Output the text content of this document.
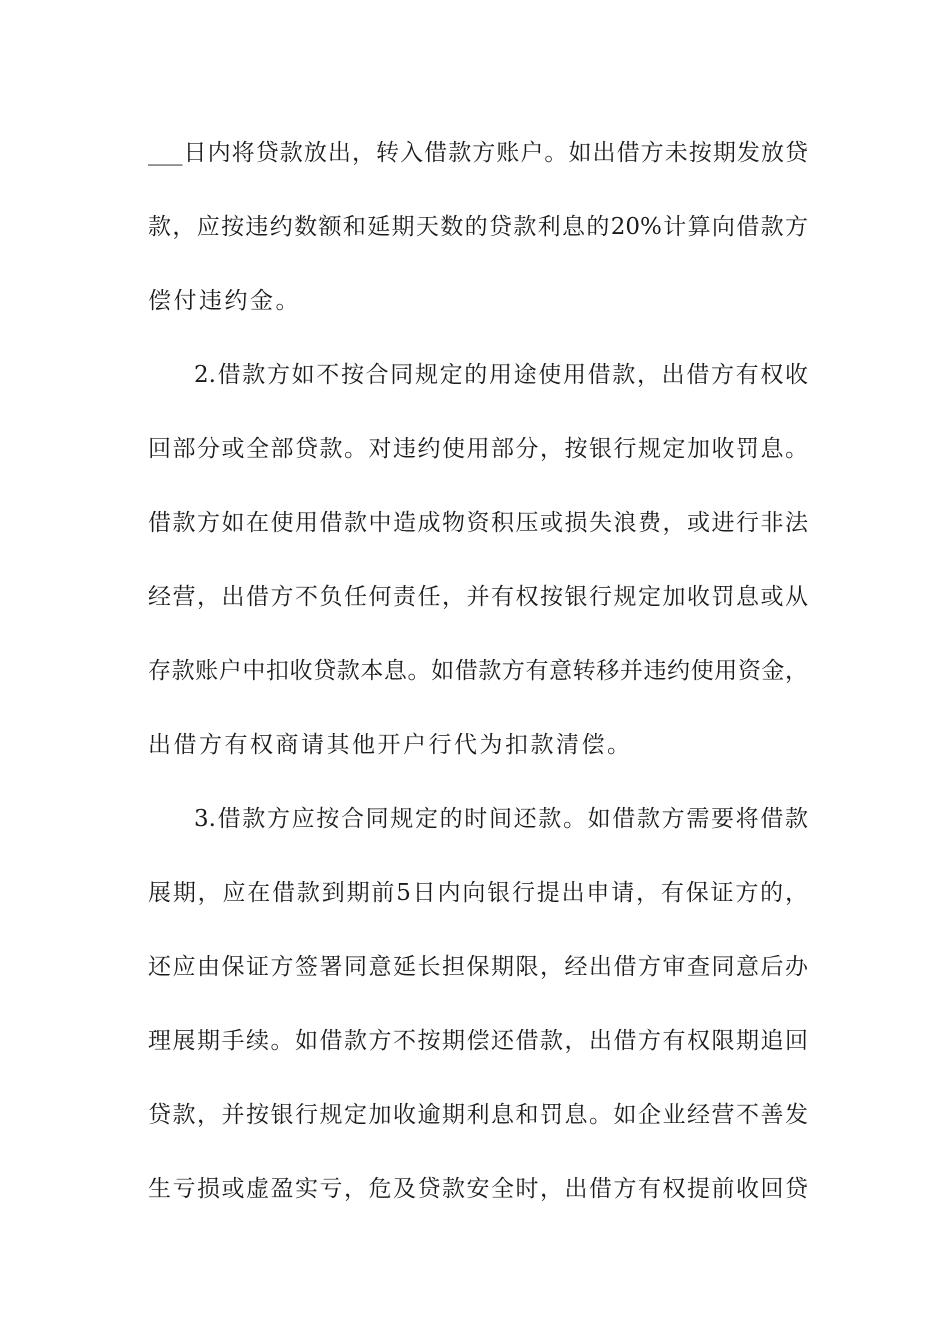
___日内将贷款放出，转入借款方账户。如出借方未按期发放贷
款，应按违约数额和延期天数的贷款利息的20%计算向借款方
偿付违约金。
2.借款方如不按合同规定的用途使用借款，出借方有权收
回部分或全部贷款。对违约使用部分，按银行规定加收罚息。
借款方如在使用借款中造成物资积压或损失浪费，或进行非法
经营，出借方不负任何责任，并有权按银行规定加收罚息或从
存款账户中扣收贷款本息。如借款方有意转移并违约使用资金，
出借方有权商请其他开户行代为扣款清偿。
3.借款方应按合同规定的时间还款。如借款方需要将借款
展期，应在借款到期前5日内向银行提出申请，有保证方的，
还应由保证方签署同意延长担保期限，经出借方审查同意后办
理展期手续。如借款方不按期偿还借款，出借方有权限期追回
贷款，并按银行规定加收逾期利息和罚息。如企业经营不善发
生亏损或虚盈实亏，危及贷款安全时，出借方有权提前收回贷
